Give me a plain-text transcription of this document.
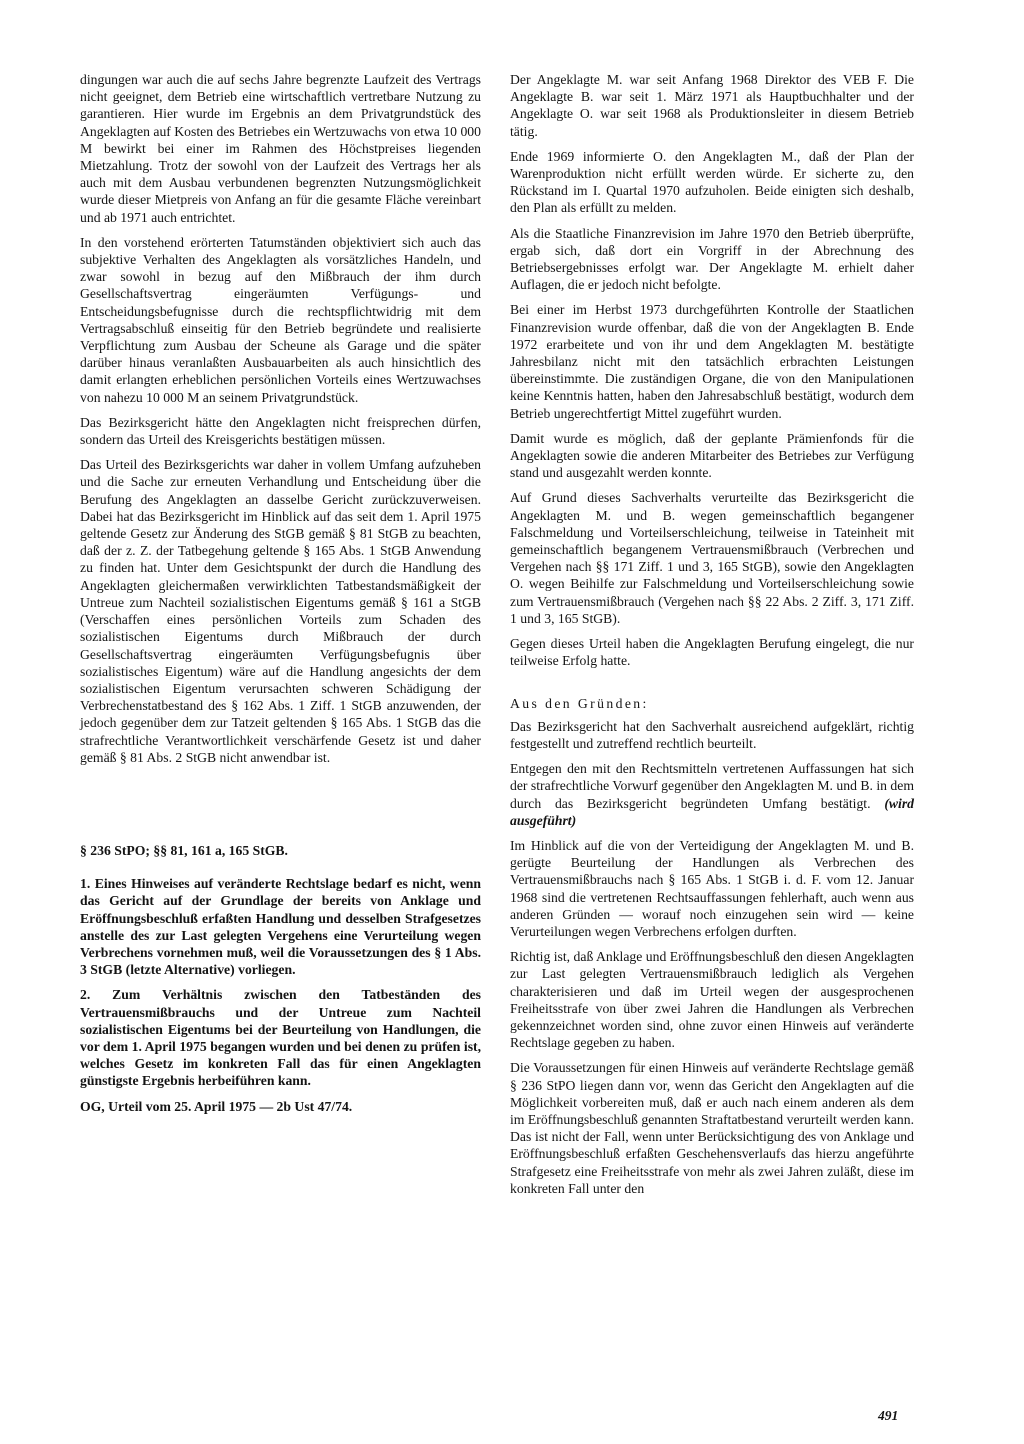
dingungen war auch die auf sechs Jahre begrenzte Laufzeit des Vertrags nicht geeignet, dem Betrieb eine wirtschaftlich vertretbare Nutzung zu garantieren. Hier wurde im Ergebnis an dem Privatgrundstück des Angeklagten auf Kosten des Betriebes ein Wertzuwachs von etwa 10 000 M bewirkt bei einer im Rahmen des Höchstpreises liegenden Mietzahlung. Trotz der sowohl von der Laufzeit des Vertrags her als auch mit dem Ausbau verbundenen begrenzten Nutzungsmöglichkeit wurde dieser Mietpreis von Anfang an für die gesamte Fläche vereinbart und ab 1971 auch entrichtet.

In den vorstehend erörterten Tatumständen objektiviert sich auch das subjektive Verhalten des Angeklagten als vorsätzliches Handeln, und zwar sowohl in bezug auf den Mißbrauch der ihm durch Gesellschaftsvertrag eingeräumten Verfügungs- und Entscheidungsbefugnisse durch die rechtspflichtwidrig mit dem Vertragsabschluß einseitig für den Betrieb begründete und realisierte Verpflichtung zum Ausbau der Scheune als Garage und die später darüber hinaus veranlaßten Ausbauarbeiten als auch hinsichtlich des damit erlangten erheblichen persönlichen Vorteils eines Wertzuwachses von nahezu 10 000 M an seinem Privatgrundstück.

Das Bezirksgericht hätte den Angeklagten nicht freisprechen dürfen, sondern das Urteil des Kreisgerichts bestätigen müssen.

Das Urteil des Bezirksgerichts war daher in vollem Umfang aufzuheben und die Sache zur erneuten Verhandlung und Entscheidung über die Berufung des Angeklagten an dasselbe Gericht zurückzuverweisen. Dabei hat das Bezirksgericht im Hinblick auf das seit dem 1. April 1975 geltende Gesetz zur Änderung des StGB gemäß § 81 StGB zu beachten, daß der z. Z. der Tatbegehung geltende § 165 Abs. 1 StGB Anwendung zu finden hat. Unter dem Gesichtspunkt der durch die Handlung des Angeklagten gleichermaßen verwirklichten Tatbestandsmäßigkeit der Untreue zum Nachteil sozialistischen Eigentums gemäß § 161 a StGB (Verschaffen eines persönlichen Vorteils zum Schaden des sozialistischen Eigentums durch Mißbrauch der durch Gesellschaftsvertrag eingeräumten Verfügungsbefugnis über sozialistisches Eigentum) wäre auf die Handlung angesichts der dem sozialistischen Eigentum verursachten schweren Schädigung der Verbrechenstatbestand des § 162 Abs. 1 Ziff. 1 StGB anzuwenden, der jedoch gegenüber dem zur Tatzeit geltenden § 165 Abs. 1 StGB das die strafrechtliche Verantwortlichkeit verschärfende Gesetz ist und daher gemäß § 81 Abs. 2 StGB nicht anwendbar ist.

§ 236 StPO; §§ 81, 161 a, 165 StGB.

1. Eines Hinweises auf veränderte Rechtslage bedarf es nicht, wenn das Gericht auf der Grundlage der bereits von Anklage und Eröffnungsbeschluß erfaßten Handlung und desselben Strafgesetzes anstelle des zur Last gelegten Vergehens eine Verurteilung wegen Verbrechens vornehmen muß, weil die Voraussetzungen des § 1 Abs. 3 StGB (letzte Alternative) vorliegen.

2. Zum Verhältnis zwischen den Tatbeständen des Vertrauensmißbrauchs und der Untreue zum Nachteil sozialistischen Eigentums bei der Beurteilung von Handlungen, die vor dem 1. April 1975 begangen wurden und bei denen zu prüfen ist, welches Gesetz im konkreten Fall das für einen Angeklagten günstigste Ergebnis herbeiführen kann.

OG, Urteil vom 25. April 1975 — 2b Ust 47/74.

Der Angeklagte M. war seit Anfang 1968 Direktor des VEB F. Die Angeklagte B. war seit 1. März 1971 als Hauptbuchhalter und der Angeklagte O. war seit 1968 als Produktionsleiter in diesem Betrieb tätig.

Ende 1969 informierte O. den Angeklagten M., daß der Plan der Warenproduktion nicht erfüllt werden würde. Er sicherte zu, den Rückstand im I. Quartal 1970 aufzuholen. Beide einigten sich deshalb, den Plan als erfüllt zu melden.

Als die Staatliche Finanzrevision im Jahre 1970 den Betrieb überprüfte, ergab sich, daß dort ein Vorgriff in der Abrechnung des Betriebsergebnisses erfolgt war. Der Angeklagte M. erhielt daher Auflagen, die er jedoch nicht befolgte.

Bei einer im Herbst 1973 durchgeführten Kontrolle der Staatlichen Finanzrevision wurde offenbar, daß die von der Angeklagten B. Ende 1972 erarbeitete und von ihr und dem Angeklagten M. bestätigte Jahresbilanz nicht mit den tatsächlich erbrachten Leistungen übereinstimmte. Die zuständigen Organe, die von den Manipulationen keine Kenntnis hatten, haben den Jahresabschluß bestätigt, wodurch dem Betrieb ungerechtfertigt Mittel zugeführt wurden.

Damit wurde es möglich, daß der geplante Prämienfonds für die Angeklagten sowie die anderen Mitarbeiter des Betriebes zur Verfügung stand und ausgezahlt werden konnte.

Auf Grund dieses Sachverhalts verurteilte das Bezirksgericht die Angeklagten M. und B. wegen gemeinschaftlich begangener Falschmeldung und Vorteilserschleichung, teilweise in Tateinheit mit gemeinschaftlich begangenem Vertrauensmißbrauch (Verbrechen und Vergehen nach §§ 171 Ziff. 1 und 3, 165 StGB), sowie den Angeklagten O. wegen Beihilfe zur Falschmeldung und Vorteilserschleichung sowie zum Vertrauensmißbrauch (Vergehen nach §§ 22 Abs. 2 Ziff. 3, 171 Ziff. 1 und 3, 165 StGB).

Gegen dieses Urteil haben die Angeklagten Berufung eingelegt, die nur teilweise Erfolg hatte.

Aus den Gründen:

Das Bezirksgericht hat den Sachverhalt ausreichend aufgeklärt, richtig festgestellt und zutreffend rechtlich beurteilt.

Entgegen den mit den Rechtsmitteln vertretenen Auffassungen hat sich der strafrechtliche Vorwurf gegenüber den Angeklagten M. und B. in dem durch das Bezirksgericht begründeten Umfang bestätigt. (wird ausgeführt)

Im Hinblick auf die von der Verteidigung der Angeklagten M. und B. gerügte Beurteilung der Handlungen als Verbrechen des Vertrauensmißbrauchs nach § 165 Abs. 1 StGB i. d. F. vom 12. Januar 1968 sind die vertretenen Rechtsauffassungen fehlerhaft, auch wenn aus anderen Gründen — worauf noch einzugehen sein wird — keine Verurteilungen wegen Verbrechens erfolgen durften.

Richtig ist, daß Anklage und Eröffnungsbeschluß den diesen Angeklagten zur Last gelegten Vertrauensmißbrauch lediglich als Vergehen charakterisieren und daß im Urteil wegen der ausgesprochenen Freiheitsstrafe von über zwei Jahren die Handlungen als Verbrechen gekennzeichnet worden sind, ohne zuvor einen Hinweis auf veränderte Rechtslage gegeben zu haben.

Die Voraussetzungen für einen Hinweis auf veränderte Rechtslage gemäß § 236 StPO liegen dann vor, wenn das Gericht den Angeklagten auf die Möglichkeit vorbereiten muß, daß er auch nach einem anderen als dem im Eröffnungsbeschluß genannten Straftatbestand verurteilt werden kann. Das ist nicht der Fall, wenn unter Berücksichtigung des von Anklage und Eröffnungsbeschluß erfaßten Geschehensverlaufs das hierzu angeführte Strafgesetz eine Freiheitsstrafe von mehr als zwei Jahren zuläßt, diese im konkreten Fall unter den

491
